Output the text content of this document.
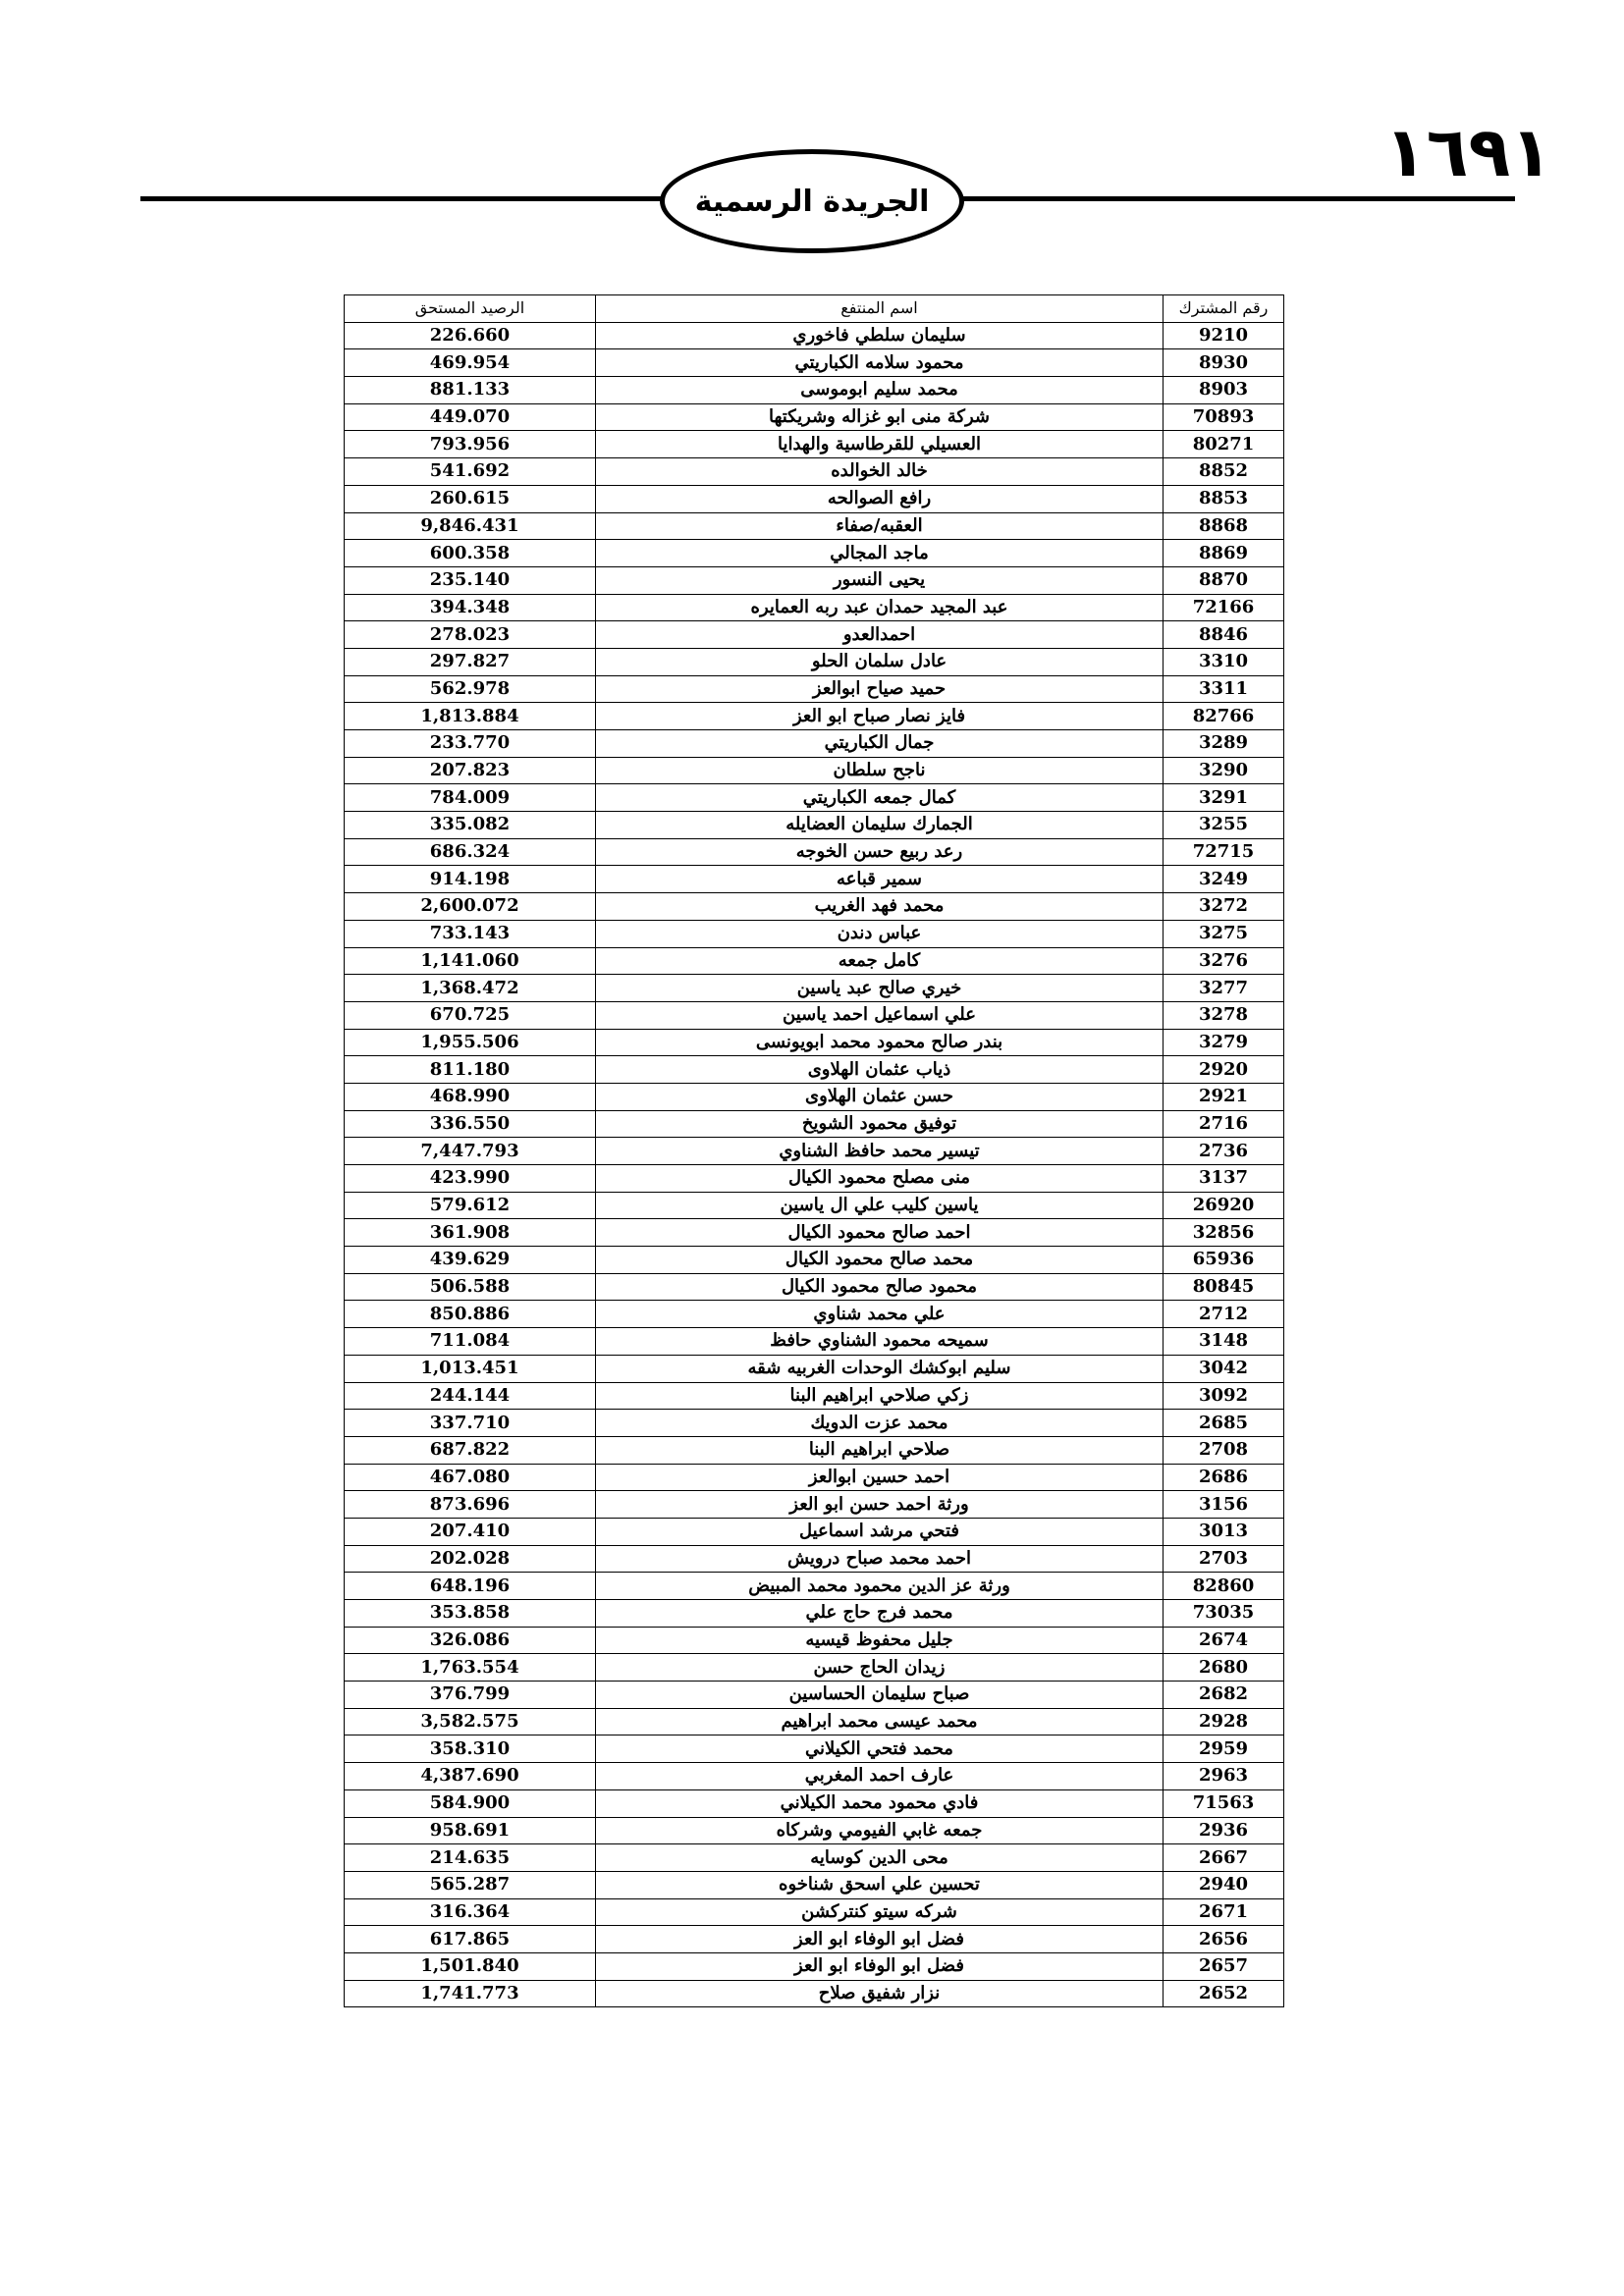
١٦٩١
الجريدة الرسمية
رقم المشترك	اسم المنتفع	الرصيد المستحق
9210	سليمان سلطي فاخوري	226.660
8930	محمود سلامه الكباريتي	469.954
8903	محمد سليم ابوموسى	881.133
70893	شركة منى ابو غزاله وشريكتها	449.070
80271	العسيلي للقرطاسية والهدايا	793.956
8852	خالد الخوالده	541.692
8853	رافع الصوالحه	260.615
8868	العقبه/صفاء	9,846.431
8869	ماجد المجالي	600.358
8870	يحيى النسور	235.140
72166	عبد المجيد حمدان عبد ربه العمايره	394.348
8846	احمدالعدو	278.023
3310	عادل سلمان الحلو	297.827
3311	حميد صياح ابوالعز	562.978
82766	فايز نصار صباح ابو العز	1,813.884
3289	جمال الكباريتي	233.770
3290	ناجح سلطان	207.823
3291	كمال جمعه الكباريتي	784.009
3255	الجمارك سليمان العضايله	335.082
72715	رعد ربيع حسن الخوجه	686.324
3249	سمير قباعه	914.198
3272	محمد فهد الغريب	2,600.072
3275	عباس دندن	733.143
3276	كامل جمعه	1,141.060
3277	خيري صالح عبد ياسين	1,368.472
3278	علي اسماعيل احمد ياسين	670.725
3279	بندر صالح محمود محمد ابويونسى	1,955.506
2920	ذياب عثمان الهلاوى	811.180
2921	حسن عثمان الهلاوى	468.990
2716	توفيق محمود الشويخ	336.550
2736	تيسير محمد حافظ الشناوي	7,447.793
3137	منى مصلح محمود الكيال	423.990
26920	ياسين كليب علي ال ياسين	579.612
32856	احمد صالح محمود الكيال	361.908
65936	محمد صالح محمود الكيال	439.629
80845	محمود صالح محمود الكيال	506.588
2712	علي محمد شناوي	850.886
3148	سميحه محمود الشناوي حافظ	711.084
3042	سليم ابوكشك الوحدات الغربيه شقه	1,013.451
3092	زكي صلاحي ابراهيم البنا	244.144
2685	محمد عزت الدويك	337.710
2708	صلاحي ابراهيم البنا	687.822
2686	احمد حسين ابوالعز	467.080
3156	ورثة احمد حسن ابو العز	873.696
3013	فتحي مرشد اسماعيل	207.410
2703	احمد محمد صباح درويش	202.028
82860	ورثة عز الدين محمود محمد المبيض	648.196
73035	محمد فرج حاج علي	353.858
2674	جليل محفوظ قيسيه	326.086
2680	زيدان الحاج حسن	1,763.554
2682	صباح سليمان الحساسين	376.799
2928	محمد عيسى محمد ابراهيم	3,582.575
2959	محمد فتحي الكيلاني	358.310
2963	عارف احمد المغربي	4,387.690
71563	فادي محمود محمد الكيلاني	584.900
2936	جمعه غابي الفيومي وشركاه	958.691
2667	محى الدين كوسايه	214.635
2940	تحسين علي اسحق شناخوه	565.287
2671	شركه سيتو كنتركشن	316.364
2656	فضل ابو الوفاء ابو العز	617.865
2657	فضل ابو الوفاء ابو العز	1,501.840
2652	نزار شفيق صلاح	1,741.773
